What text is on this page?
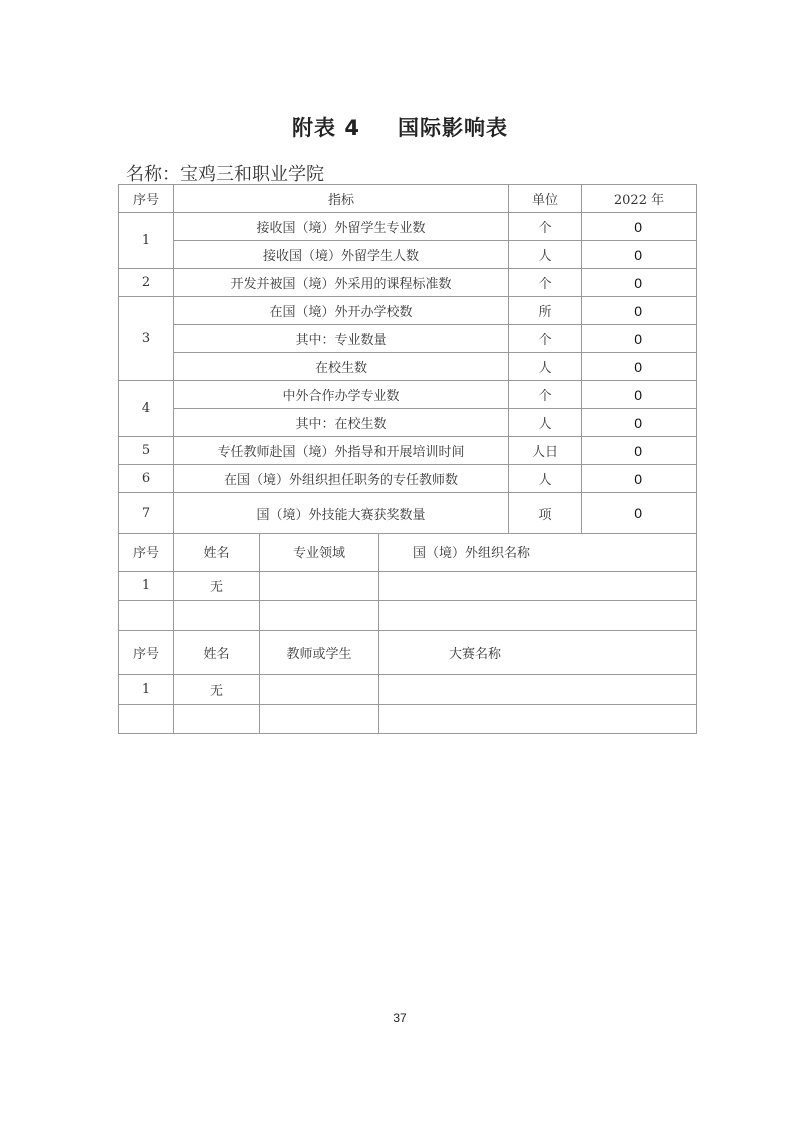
附表 4 国际影响表
名称：宝鸡三和职业学院
序号	指标	单位	2022 年
1	接收国（境）外留学生专业数	个	0
	接收国（境）外留学生人数	人	0
2	开发并被国（境）外采用的课程标准数	个	0
3	在国（境）外开办学校数	所	0
	其中：专业数量	个	0
	在校生数	人	0
4	中外合作办学专业数	个	0
	其中：在校生数	人	0
5	专任教师赴国（境）外指导和开展培训时间	人日	0
6	在国（境）外组织担任职务的专任教师数	人	0
7	国（境）外技能大赛获奖数量	项	0
序号	姓名	专业领域	国（境）外组织名称
1	无		

序号	姓名	教师或学生	大赛名称
1	无		

37
